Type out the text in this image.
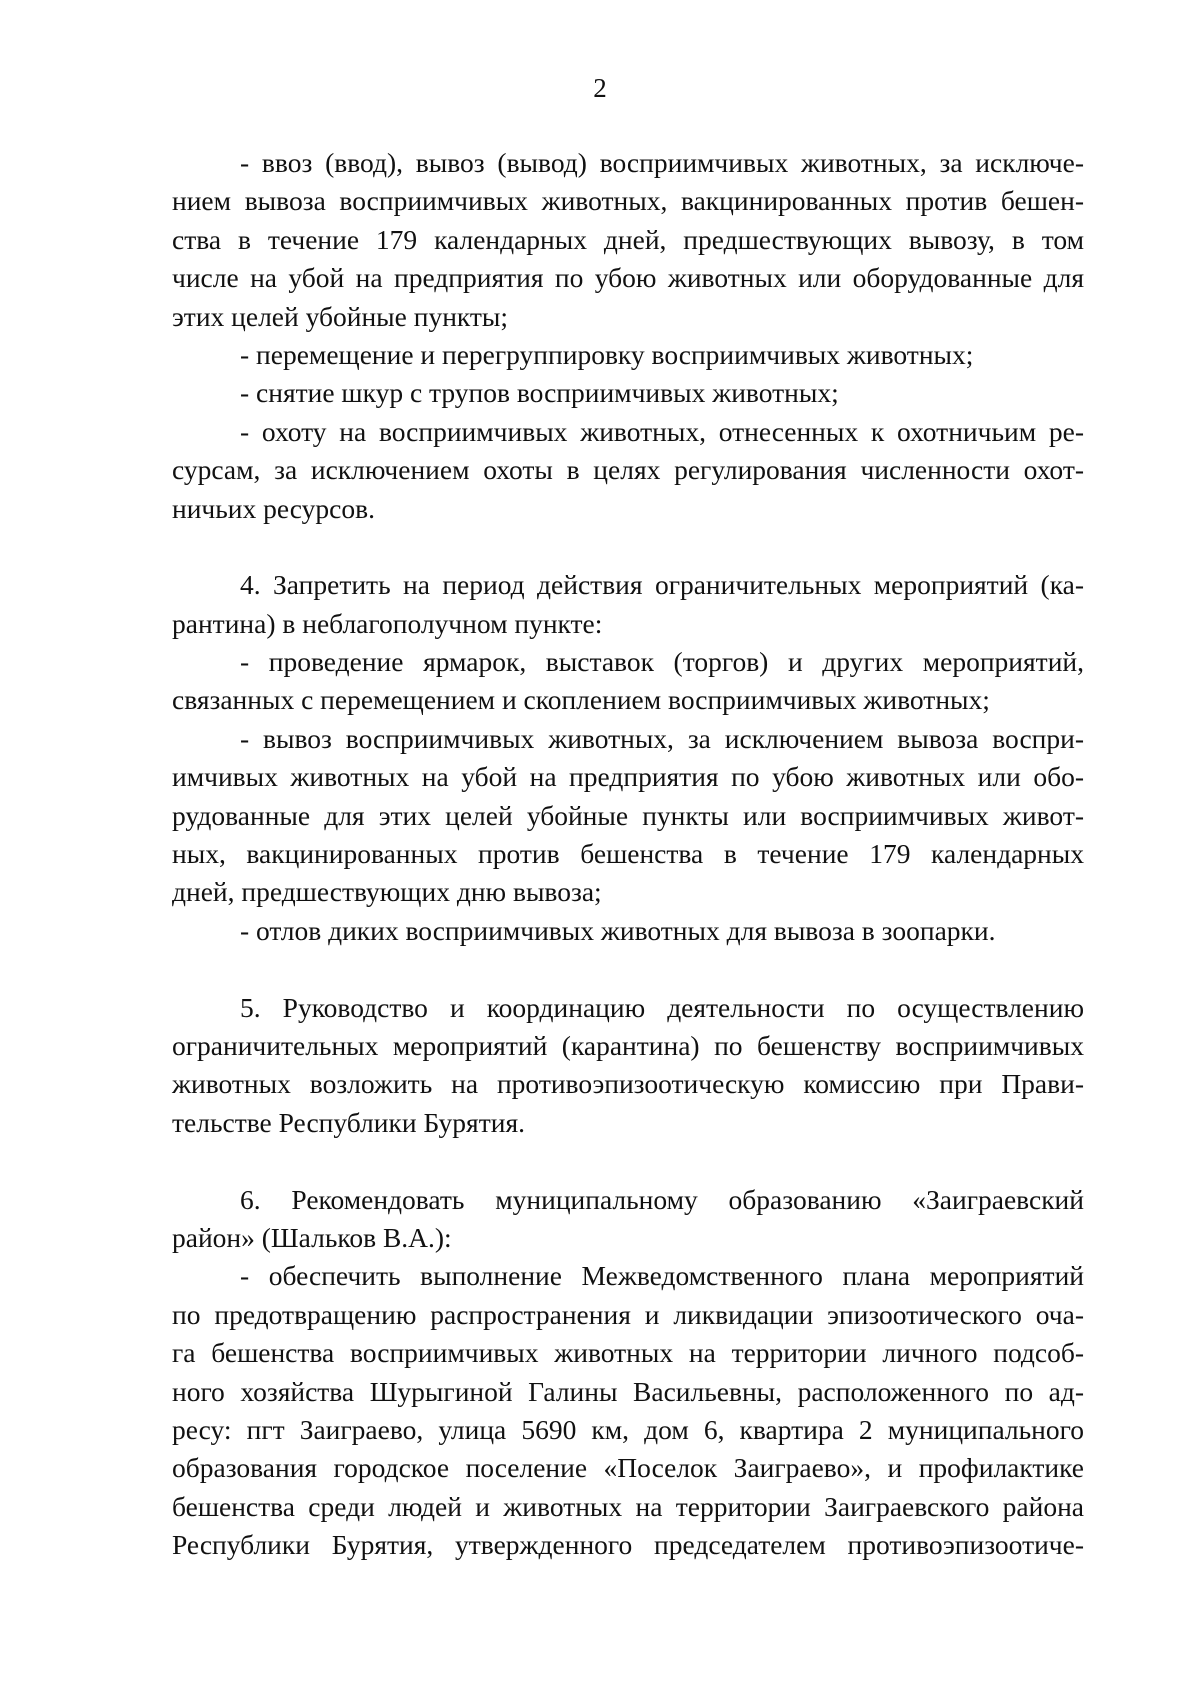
2
- ввоз (ввод), вывоз (вывод) восприимчивых животных, за исключе-
нием вывоза восприимчивых животных, вакцинированных против бешен-
ства в течение 179 календарных дней, предшествующих вывозу, в том
числе на убой на предприятия по убою животных или оборудованные для
этих целей убойные пункты;
- перемещение и перегруппировку восприимчивых животных;
- снятие шкур с трупов восприимчивых животных;
- охоту на восприимчивых животных, отнесенных к охотничьим ре-
сурсам, за исключением охоты в целях регулирования численности охот-
ничьих ресурсов.
4. Запретить на период действия ограничительных мероприятий (ка-
рантина) в неблагополучном пункте:
- проведение ярмарок, выставок (торгов) и других мероприятий,
связанных с перемещением и скоплением восприимчивых животных;
- вывоз восприимчивых животных, за исключением вывоза воспри-
имчивых животных на убой на предприятия по убою животных или обо-
рудованные для этих целей убойные пункты или восприимчивых живот-
ных, вакцинированных против бешенства в течение 179 календарных
дней, предшествующих дню вывоза;
- отлов диких восприимчивых животных для вывоза в зоопарки.
5. Руководство и координацию деятельности по осуществлению
ограничительных мероприятий (карантина) по бешенству восприимчивых
животных возложить на противоэпизоотическую комиссию при Прави-
тельстве Республики Бурятия.
6. Рекомендовать муниципальному образованию «Заиграевский
район» (Шальков В.А.):
- обеспечить выполнение Межведомственного плана мероприятий
по предотвращению распространения и ликвидации эпизоотического оча-
га бешенства восприимчивых животных на территории личного подсоб-
ного хозяйства Шурыгиной Галины Васильевны, расположенного по ад-
ресу: пгт Заиграево, улица 5690 км, дом 6, квартира 2 муниципального
образования городское поселение «Поселок Заиграево», и профилактике
бешенства среди людей и животных на территории Заиграевского района
Республики Бурятия, утвержденного председателем противоэпизоотиче-
